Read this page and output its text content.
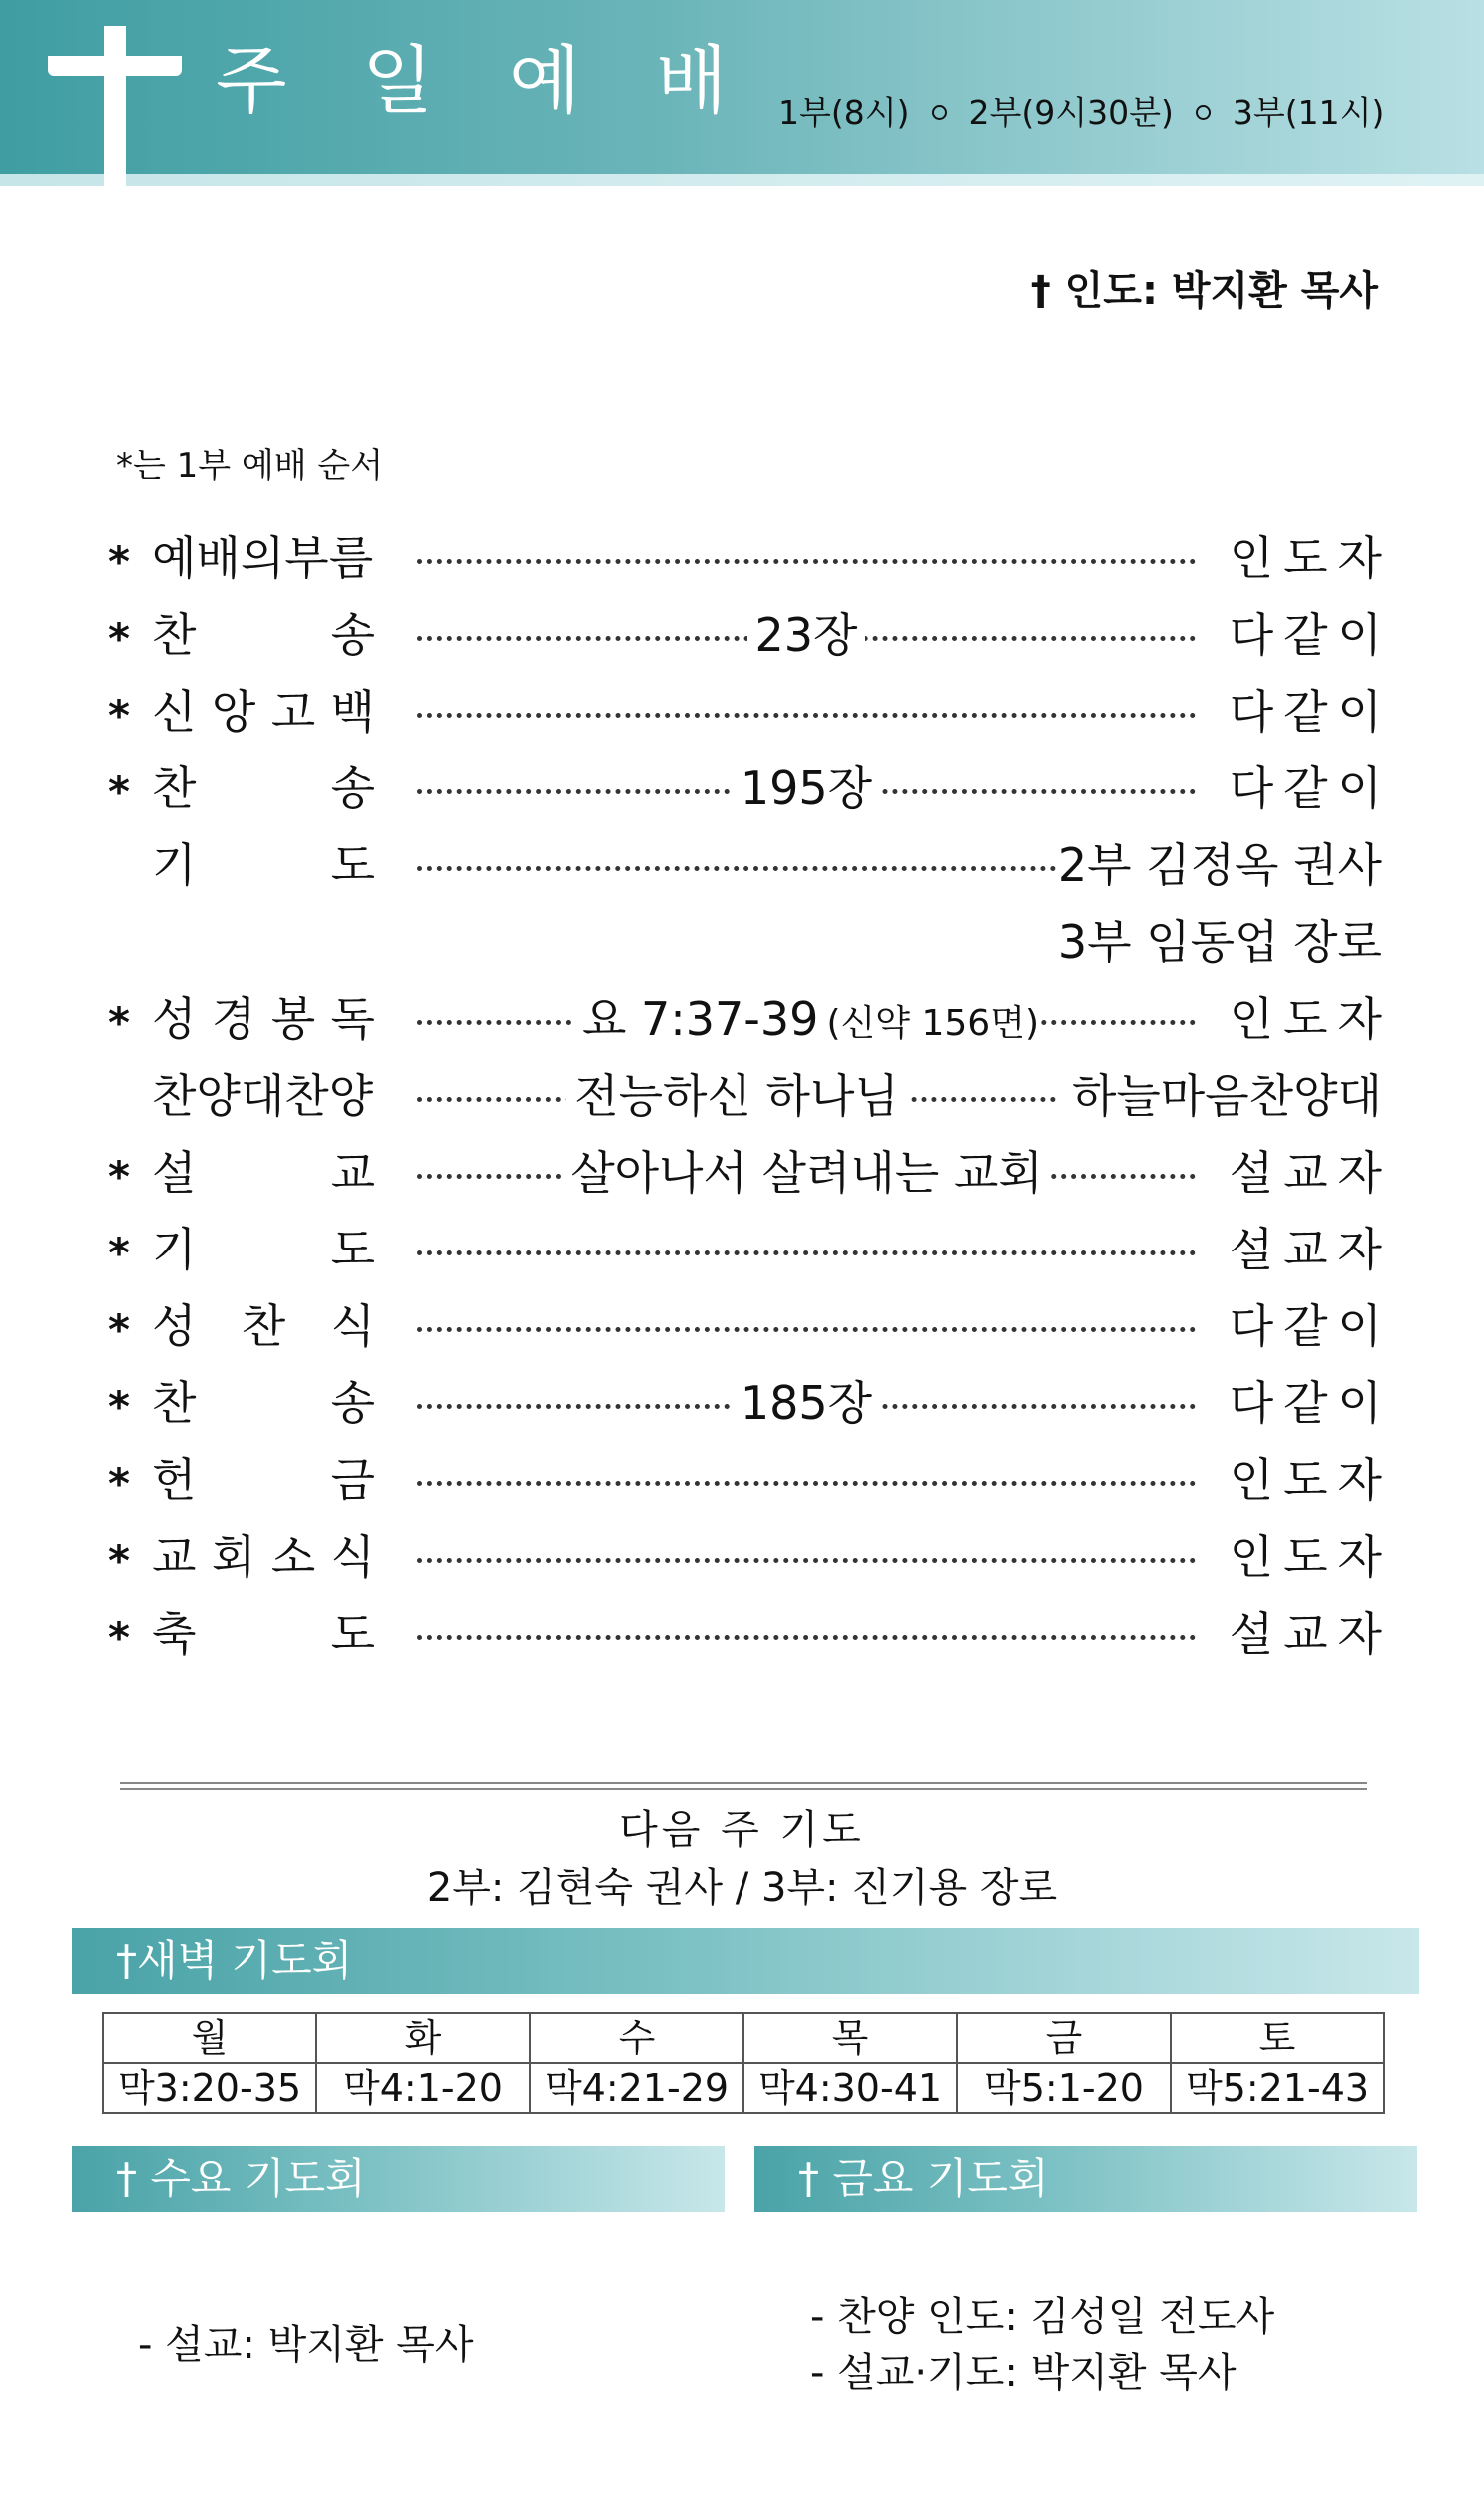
주 일 예 배 1부(8시) 2부(9시30분) 3부(11시)
† 인도: 박지환 목사
*는 1부 예배 순서
* 예배의부름	인도자
* 찬	송	23장	다같이
* 신 앙 고 백	다같이
* 찬	송	195장	다같이
기	도	2부 김정옥 권사
3부 임동업 장로
* 성 경 봉 독	요 7:37-39 (신약 156면)	인도자
찬양대찬양	전능하신 하나님	하늘마음찬양대
* 설	교	살아나서 살려내는 교회	설교자
* 기	도	설교자
* 성 찬 식	다같이
* 찬	송	185장	다같이
* 헌	금	인도자
* 교 회 소 식	인도자
* 축	도	설교자
다음 주 기도
2부: 김현숙 권사 / 3부: 진기용 장로
†새벽 기도회
월	화	수	목	금	토
막3:20-35	막4:1-20	막4:21-29	막4:30-41	막5:1-20	막5:21-43
† 수요 기도회	† 금요 기도회
- 설교: 박지환 목사
- 찬양 인도: 김성일 전도사
- 설교·기도: 박지환 목사
